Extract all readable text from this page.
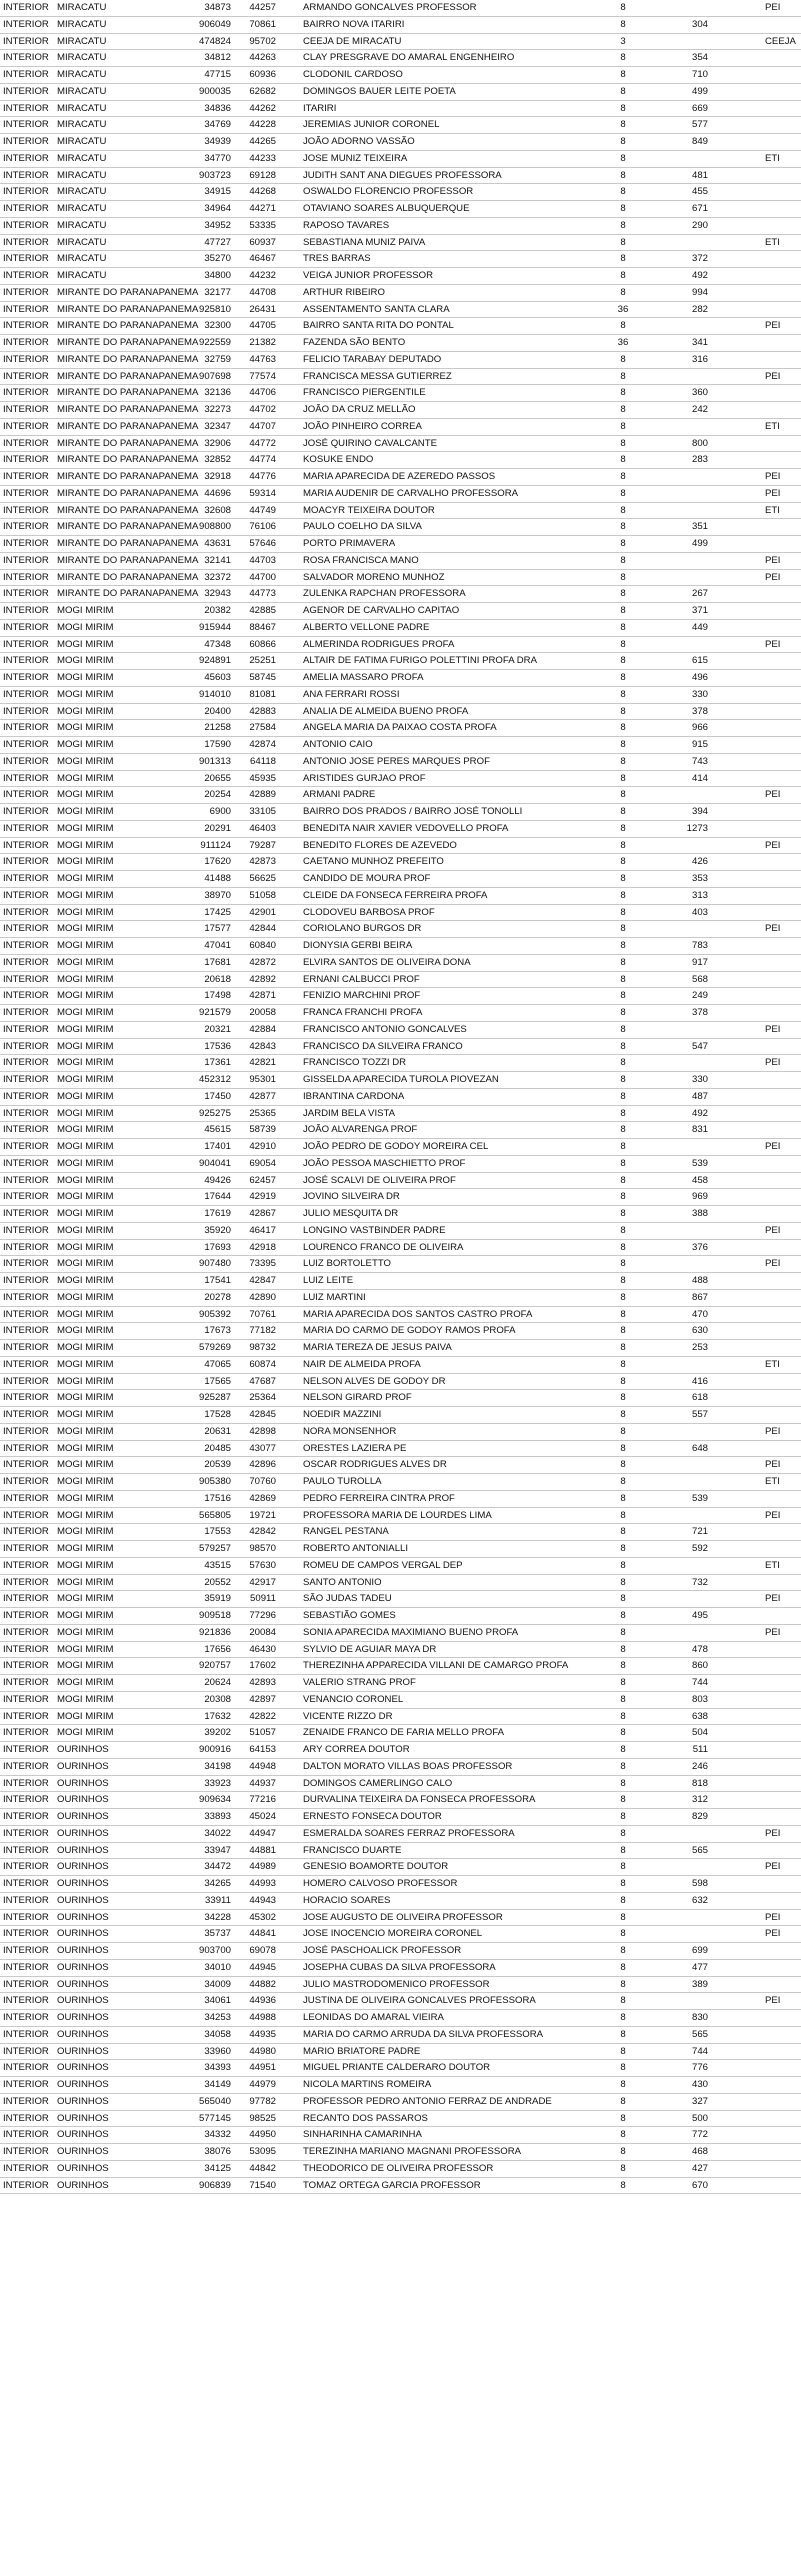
INTERIOR MIRACATU	34873	44257	ARMANDO GONCALVES PROFESSOR	8	PEI
INTERIOR MIRACATU	906049	70861	BAIRRO NOVA ITARIRI	8	304
INTERIOR MIRACATU	474824	95702	CEEJA DE MIRACATU	3	CEEJA
INTERIOR MIRACATU	34812	44263	CLAY PRESGRAVE DO AMARAL ENGENHEIRO	8	354
INTERIOR MIRACATU	47715	60936	CLODONIL CARDOSO	8	710
INTERIOR MIRACATU	900035	62682	DOMINGOS BAUER LEITE POETA	8	499
INTERIOR MIRACATU	34836	44262	ITARIRI	8	669
INTERIOR MIRACATU	34769	44228	JEREMIAS JUNIOR CORONEL	8	577
INTERIOR MIRACATU	34939	44265	JOÃO ADORNO VASSÃO	8	849
INTERIOR MIRACATU	34770	44233	JOSE MUNIZ TEIXEIRA	8	ETI
INTERIOR MIRACATU	903723	69128	JUDITH SANT ANA DIEGUES PROFESSORA	8	481
INTERIOR MIRACATU	34915	44268	OSWALDO FLORENCIO PROFESSOR	8	455
INTERIOR MIRACATU	34964	44271	OTAVIANO SOARES ALBUQUERQUE	8	671
INTERIOR MIRACATU	34952	53335	RAPOSO TAVARES	8	290
INTERIOR MIRACATU	47727	60937	SEBASTIANA MUNIZ PAIVA	8	ETI
INTERIOR MIRACATU	35270	46467	TRES BARRAS	8	372
INTERIOR MIRACATU	34800	44232	VEIGA JUNIOR PROFESSOR	8	492
INTERIOR MIRANTE DO PARANAPANEMA 32177	44708	ARTHUR RIBEIRO	8	994
INTERIOR MIRANTE DO PARANAPANEMA 925810	26431	ASSENTAMENTO SANTA CLARA	36	282
INTERIOR MIRANTE DO PARANAPANEMA 32300	44705	BAIRRO SANTA RITA DO PONTAL	8	PEI
INTERIOR MIRANTE DO PARANAPANEMA 922559	21382	FAZENDA SÃO BENTO	36	341
INTERIOR MIRANTE DO PARANAPANEMA 32759	44763	FELICIO TARABAY DEPUTADO	8	316
INTERIOR MIRANTE DO PARANAPANEMA 907698	77574	FRANCISCA MESSA GUTIERREZ	8	PEI
INTERIOR MIRANTE DO PARANAPANEMA 32136	44706	FRANCISCO PIERGENTILE	8	360
INTERIOR MIRANTE DO PARANAPANEMA 32273	44702	JOÃO DA CRUZ MELLÃO	8	242
INTERIOR MIRANTE DO PARANAPANEMA 32347	44707	JOÃO PINHEIRO CORREA	8	ETI
INTERIOR MIRANTE DO PARANAPANEMA 32906	44772	JOSÉ QUIRINO CAVALCANTE	8	800
INTERIOR MIRANTE DO PARANAPANEMA 32852	44774	KOSUKE ENDO	8	283
INTERIOR MIRANTE DO PARANAPANEMA 32918	44776	MARIA APARECIDA DE AZEREDO PASSOS	8	PEI
INTERIOR MIRANTE DO PARANAPANEMA 44696	59314	MARIA AUDENIR DE CARVALHO PROFESSORA	8	PEI
INTERIOR MIRANTE DO PARANAPANEMA 32608	44749	MOACYR TEIXEIRA DOUTOR	8	ETI
INTERIOR MIRANTE DO PARANAPANEMA 908800	76106	PAULO COELHO DA SILVA	8	351
INTERIOR MIRANTE DO PARANAPANEMA 43631	57646	PORTO PRIMAVERA	8	499
INTERIOR MIRANTE DO PARANAPANEMA 32141	44703	ROSA FRANCISCA MANO	8	PEI
INTERIOR MIRANTE DO PARANAPANEMA 32372	44700	SALVADOR MORENO MUNHOZ	8	PEI
INTERIOR MIRANTE DO PARANAPANEMA 32943	44773	ZULENKA RAPCHAN PROFESSORA	8	267
INTERIOR MOGI MIRIM	20382	42885	AGENOR DE CARVALHO CAPITAO	8	371
INTERIOR MOGI MIRIM	915944	88467	ALBERTO VELLONE PADRE	8	449
INTERIOR MOGI MIRIM	47348	60866	ALMERINDA RODRIGUES PROFA	8	PEI
INTERIOR MOGI MIRIM	924891	25251	ALTAIR DE FATIMA FURIGO POLETTINI PROFA DRA	8	615
INTERIOR MOGI MIRIM	45603	58745	AMELIA MASSARO PROFA	8	496
INTERIOR MOGI MIRIM	914010	81081	ANA FERRARI ROSSI	8	330
INTERIOR MOGI MIRIM	20400	42883	ANALIA DE ALMEIDA BUENO PROFA	8	378
INTERIOR MOGI MIRIM	21258	27584	ANGELA MARIA DA PAIXAO COSTA PROFA	8	966
INTERIOR MOGI MIRIM	17590	42874	ANTONIO CAIO	8	915
INTERIOR MOGI MIRIM	901313	64118	ANTONIO JOSE PERES MARQUES PROF	8	743
INTERIOR MOGI MIRIM	20655	45935	ARISTIDES GURJAO PROF	8	414
INTERIOR MOGI MIRIM	20254	42889	ARMANI PADRE	8	PEI
INTERIOR MOGI MIRIM	6900	33105	BAIRRO DOS PRADOS / BAIRRO JOSÉ TONOLLI	8	394
INTERIOR MOGI MIRIM	20291	46403	BENEDITA NAIR XAVIER VEDOVELLO PROFA	8	1273
INTERIOR MOGI MIRIM	911124	79287	BENEDITO FLORES DE AZEVEDO	8	PEI
INTERIOR MOGI MIRIM	17620	42873	CAETANO MUNHOZ PREFEITO	8	426
INTERIOR MOGI MIRIM	41488	56625	CANDIDO DE MOURA PROF	8	353
INTERIOR MOGI MIRIM	38970	51058	CLEIDE DA FONSECA FERREIRA PROFA	8	313
INTERIOR MOGI MIRIM	17425	42901	CLODOVEU BARBOSA PROF	8	403
INTERIOR MOGI MIRIM	17577	42844	CORIOLANO BURGOS DR	8	PEI
INTERIOR MOGI MIRIM	47041	60840	DIONYSIA GERBI BEIRA	8	783
INTERIOR MOGI MIRIM	17681	42872	ELVIRA SANTOS DE OLIVEIRA DONA	8	917
INTERIOR MOGI MIRIM	20618	42892	ERNANI CALBUCCI PROF	8	568
INTERIOR MOGI MIRIM	17498	42871	FENIZIO MARCHINI PROF	8	249
INTERIOR MOGI MIRIM	921579	20058	FRANCA FRANCHI PROFA	8	378
INTERIOR MOGI MIRIM	20321	42884	FRANCISCO ANTONIO GONCALVES	8	PEI
INTERIOR MOGI MIRIM	17536	42843	FRANCISCO DA SILVEIRA FRANCO	8	547
INTERIOR MOGI MIRIM	17361	42821	FRANCISCO TOZZI DR	8	PEI
INTERIOR MOGI MIRIM	452312	95301	GISSELDA APARECIDA TUROLA PIOVEZAN	8	330
INTERIOR MOGI MIRIM	17450	42877	IBRANTINA CARDONA	8	487
INTERIOR MOGI MIRIM	925275	25365	JARDIM BELA VISTA	8	492
INTERIOR MOGI MIRIM	45615	58739	JOÃO ALVARENGA PROF	8	831
INTERIOR MOGI MIRIM	17401	42910	JOÃO PEDRO DE GODOY MOREIRA CEL	8	PEI
INTERIOR MOGI MIRIM	904041	69054	JOÃO PESSOA MASCHIETTO PROF	8	539
INTERIOR MOGI MIRIM	49426	62457	JOSÉ SCALVI DE OLIVEIRA PROF	8	458
INTERIOR MOGI MIRIM	17644	42919	JOVINO SILVEIRA DR	8	969
INTERIOR MOGI MIRIM	17619	42867	JULIO MESQUITA DR	8	388
INTERIOR MOGI MIRIM	35920	46417	LONGINO VASTBINDER PADRE	8	PEI
INTERIOR MOGI MIRIM	17693	42918	LOURENCO FRANCO DE OLIVEIRA	8	376
INTERIOR MOGI MIRIM	907480	73395	LUIZ BORTOLETTO	8	PEI
INTERIOR MOGI MIRIM	17541	42847	LUIZ LEITE	8	488
INTERIOR MOGI MIRIM	20278	42890	LUIZ MARTINI	8	867
INTERIOR MOGI MIRIM	905392	70761	MARIA APARECIDA DOS SANTOS CASTRO PROFA	8	470
INTERIOR MOGI MIRIM	17673	77182	MARIA DO CARMO DE GODOY RAMOS PROFA	8	630
INTERIOR MOGI MIRIM	579269	98732	MARIA TEREZA DE JESUS PAIVA	8	253
INTERIOR MOGI MIRIM	47065	60874	NAIR DE ALMEIDA PROFA	8	ETI
INTERIOR MOGI MIRIM	17565	47687	NELSON ALVES DE GODOY DR	8	416
INTERIOR MOGI MIRIM	925287	25364	NELSON GIRARD PROF	8	618
INTERIOR MOGI MIRIM	17528	42845	NOEDIR MAZZINI	8	557
INTERIOR MOGI MIRIM	20631	42898	NORA MONSENHOR	8	PEI
INTERIOR MOGI MIRIM	20485	43077	ORESTES LAZIERA PE	8	648
INTERIOR MOGI MIRIM	20539	42896	OSCAR RODRIGUES ALVES DR	8	PEI
INTERIOR MOGI MIRIM	905380	70760	PAULO TUROLLA	8	ETI
INTERIOR MOGI MIRIM	17516	42869	PEDRO FERREIRA CINTRA PROF	8	539
INTERIOR MOGI MIRIM	565805	19721	PROFESSORA MARIA DE LOURDES LIMA	8	PEI
INTERIOR MOGI MIRIM	17553	42842	RANGEL PESTANA	8	721
INTERIOR MOGI MIRIM	579257	98570	ROBERTO ANTONIALLI	8	592
INTERIOR MOGI MIRIM	43515	57630	ROMEU DE CAMPOS VERGAL DEP	8	ETI
INTERIOR MOGI MIRIM	20552	42917	SANTO ANTONIO	8	732
INTERIOR MOGI MIRIM	35919	50911	SÃO JUDAS TADEU	8	PEI
INTERIOR MOGI MIRIM	909518	77296	SEBASTIÃO GOMES	8	495
INTERIOR MOGI MIRIM	921836	20084	SONIA APARECIDA MAXIMIANO BUENO PROFA	8	PEI
INTERIOR MOGI MIRIM	17656	46430	SYLVIO DE AGUIAR MAYA DR	8	478
INTERIOR MOGI MIRIM	920757	17602	THEREZINHA APPARECIDA VILLANI DE CAMARGO PROFA	8	860
INTERIOR MOGI MIRIM	20624	42893	VALERIO STRANG PROF	8	744
INTERIOR MOGI MIRIM	20308	42897	VENANCIO CORONEL	8	803
INTERIOR MOGI MIRIM	17632	42822	VICENTE RIZZO DR	8	638
INTERIOR MOGI MIRIM	39202	51057	ZENAIDE FRANCO DE FARIA MELLO PROFA	8	504
INTERIOR OURINHOS	900916	64153	ARY CORREA DOUTOR	8	511
INTERIOR OURINHOS	34198	44948	DALTON MORATO VILLAS BOAS PROFESSOR	8	246
INTERIOR OURINHOS	33923	44937	DOMINGOS CAMERLINGO CALO	8	818
INTERIOR OURINHOS	909634	77216	DURVALINA TEIXEIRA DA FONSECA PROFESSORA	8	312
INTERIOR OURINHOS	33893	45024	ERNESTO FONSECA DOUTOR	8	829
INTERIOR OURINHOS	34022	44947	ESMERALDA SOARES FERRAZ PROFESSORA	8	PEI
INTERIOR OURINHOS	33947	44881	FRANCISCO DUARTE	8	565
INTERIOR OURINHOS	34472	44989	GENESIO BOAMORTE DOUTOR	8	PEI
INTERIOR OURINHOS	34265	44993	HOMERO CALVOSO PROFESSOR	8	598
INTERIOR OURINHOS	33911	44943	HORACIO SOARES	8	632
INTERIOR OURINHOS	34228	45302	JOSE AUGUSTO DE OLIVEIRA PROFESSOR	8	PEI
INTERIOR OURINHOS	35737	44841	JOSE INOCENCIO MOREIRA CORONEL	8	PEI
INTERIOR OURINHOS	903700	69078	JOSÉ PASCHOALICK PROFESSOR	8	699
INTERIOR OURINHOS	34010	44945	JOSEPHA CUBAS DA SILVA PROFESSORA	8	477
INTERIOR OURINHOS	34009	44882	JULIO MASTRODOMENICO PROFESSOR	8	389
INTERIOR OURINHOS	34061	44936	JUSTINA DE OLIVEIRA GONCALVES PROFESSORA	8	PEI
INTERIOR OURINHOS	34253	44988	LEONIDAS DO AMARAL VIEIRA	8	830
INTERIOR OURINHOS	34058	44935	MARIA DO CARMO ARRUDA DA SILVA PROFESSORA	8	565
INTERIOR OURINHOS	33960	44980	MARIO BRIATORE PADRE	8	744
INTERIOR OURINHOS	34393	44951	MIGUEL PRIANTE CALDERARO DOUTOR	8	776
INTERIOR OURINHOS	34149	44979	NICOLA MARTINS ROMEIRA	8	430
INTERIOR OURINHOS	565040	97782	PROFESSOR PEDRO ANTONIO FERRAZ DE ANDRADE	8	327
INTERIOR OURINHOS	577145	98525	RECANTO DOS PASSAROS	8	500
INTERIOR OURINHOS	34332	44950	SINHARINHA CAMARINHA	8	772
INTERIOR OURINHOS	38076	53095	TEREZINHA MARIANO MAGNANI PROFESSORA	8	468
INTERIOR OURINHOS	34125	44842	THEODORICO DE OLIVEIRA PROFESSOR	8	427
INTERIOR OURINHOS	906839	71540	TOMAZ ORTEGA GARCIA PROFESSOR	8	670
